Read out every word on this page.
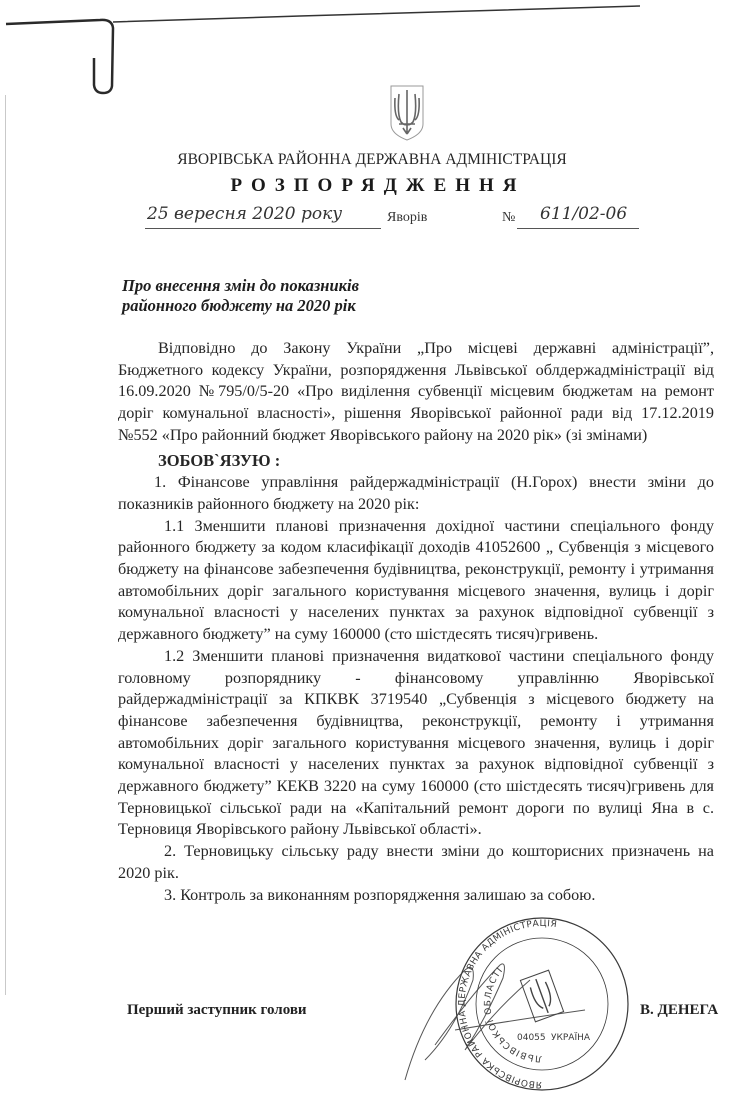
ЯВОРІВСЬКА РАЙОННА ДЕРЖАВНА АДМІНІСТРАЦІЯ
РОЗПОРЯДЖЕННЯ
25 вересня 2020 року	Яворів	№ 611/02-06
Про внесення змін до показників
районного бюджету на 2020 рік

Відповідно до Закону України „Про місцеві державні адміністрації”, Бюджетного кодексу України, розпорядження Львівської облдержадміністрації від 16.09.2020 №795/0/5-20 «Про виділення субвенції місцевим бюджетам на ремонт доріг комунальної власності», рішення Яворівської районної ради від 17.12.2019 №552 «Про районний бюджет Яворівського району на 2020 рік» (зі змінами)

ЗОБОВ`ЯЗУЮ :

1. Фінансове управління райдержадміністрації (Н.Горох) внести зміни до показників районного бюджету на 2020 рік:

1.1 Зменшити планові призначення дохідної частини спеціального фонду районного бюджету за кодом класифікації доходів 41052600 „ Субвенція з місцевого бюджету на фінансове забезпечення будівництва, реконструкції, ремонту і утримання автомобільних доріг загального користування місцевого значення, вулиць і доріг комунальної власності у населених пунктах за рахунок відповідної субвенції з державного бюджету” на суму 160000 (сто шістдесять тисяч)гривень.

1.2 Зменшити планові призначення видаткової частини спеціального фонду головному розпоряднику - фінансовому управлінню Яворівської райдержадміністрації за КПКВК 3719540 „Субвенція з місцевого бюджету на фінансове забезпечення будівництва, реконструкції, ремонту і утримання автомобільних доріг загального користування місцевого значення, вулиць і доріг комунальної власності у населених пунктах за рахунок відповідної субвенції з державного бюджету” КЕКВ 3220 на суму 160000 (сто шістдесять тисяч)гривень для Терновицької сільської ради на «Капітальний ремонт дороги по вулиці Яна в с. Терновиця Яворівського району Львівської області».

2. Терновицьку сільську раду внести зміни до кошторисних призначень на 2020 рік.

3. Контроль за виконанням розпорядження залишаю за собою.

ЯВОРІВСЬКА РАЙОННА ДЕРЖАВНА АДМІНІСТРАЦІЯ
ЛЬВІВСЬКОЇ ОБЛАСТІ
04055 УКРАЇНА
Перший заступник голови	В. ДЕНЕГА
